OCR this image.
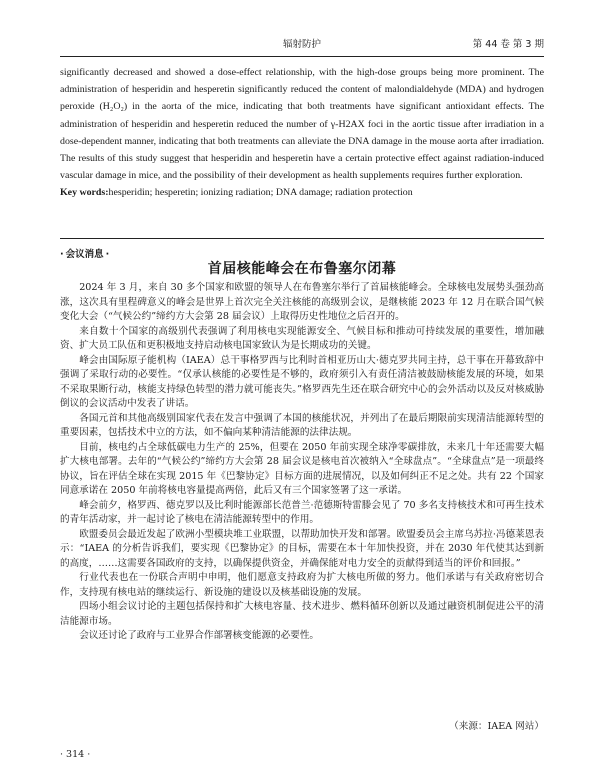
辐射防护	第 44 卷 第 3 期

significantly decreased and showed a dose-effect relationship, with the high-dose groups being more prominent. The administration of hesperidin and hesperetin significantly reduced the content of malondialdehyde (MDA) and hydrogen peroxide (H₂O₂) in the aorta of the mice, indicating that both treatments have significant antioxidant effects. The administration of hesperidin and hesperetin reduced the number of γ-H2AX foci in the aortic tissue after irradiation in a dose-dependent manner, indicating that both treatments can alleviate the DNA damage in the mouse aorta after irradiation. The results of this study suggest that hesperidin and hesperetin have a certain protective effect against radiation-induced vascular damage in mice, and the possibility of their development as health supplements requires further exploration.

Key words:hesperidin; hesperetin; ionizing radiation; DNA damage; radiation protection

· 会议消息 ·
首届核能峰会在布鲁塞尔闭幕

2024 年 3 月，来自 30 多个国家和欧盟的领导人在布鲁塞尔举行了首届核能峰会。全球核电发展势头强劲高涨，这次具有里程碑意义的峰会是世界上首次完全关注核能的高级别会议，是继核能 2023 年 12 月在联合国气候变化大会（“气候公约”缔约方大会第 28 届会议）上取得历史性地位之后召开的。

来自数十个国家的高级别代表强调了利用核电实现能源安全、气候目标和推动可持续发展的重要性，增加融资、扩大员工队伍和更积极地支持启动核电国家致认为是长期成功的关键。

峰会由国际原子能机构（IAEA）总干事格罗西与比利时首相亚历山大·德克罗共同主持，总干事在开幕致辞中强调了采取行动的必要性。“仅承认核能的必要性是不够的，政府须引入有责任清洁被鼓励核能发展的环境，如果不采取果断行动，核能支持绿色转型的潜力就可能丧失。”格罗西先生还在联合研究中心的会外活动以及反对核威胁倒议的会议活动中发表了讲话。

各国元首和其他高级别国家代表在发言中强调了本国的核能状况，并列出了在最后期限前实现清洁能源转型的重要因素，包括技术中立的方法，如不偏向某种清洁能源的法律法规。

目前，核电约占全球低碳电力生产的 25%，但要在 2050 年前实现全球净零碳排放，未来几十年还需要大幅扩大核电部署。去年的“气候公约”缔约方大会第 28 届会议是核电首次被纳入“全球盘点”。“全球盘点”是一项最终协议，旨在评估全球在实现 2015 年《巴黎协定》目标方面的进展情况，以及如何纠正不足之处。共有 22 个国家同意承诺在 2050 年前将核电容量提高两倍，此后又有三个国家签署了这一承诺。

峰会前夕，格罗西、德克罗以及比利时能源部长范普兰·范德斯特雷滕会见了 70 多名支持核技术和可再生技术的青年活动家，并一起讨论了核电在清洁能源转型中的作用。

欧盟委员会最近发起了欧洲小型模块堆工业联盟，以帮助加快开发和部署。欧盟委员会主席乌苏拉·冯德莱恩表示：“IAEA 的分析告诉我们，要实现《巴黎协定》的目标，需要在本十年加快投资，并在 2030 年代使其达到新的高度，……这需要各国政府的支持，以确保提供资金，并确保能对电力安全的贡献得到适当的评价和回报。”

行业代表也在一份联合声明中申明，他们愿意支持政府为扩大核电所做的努力。他们承诺与有关政府密切合作，支持现有核电站的继续运行、新设施的建设以及核基础设施的发展。

四场小组会议讨论的主题包括保持和扩大核电容量、技术进步、燃料循环创新以及通过融资机制促进公平的清洁能源市场。

会议还讨论了政府与工业界合作部署核变能源的必要性。

（来源：IAEA 网站）
· 314 ·
